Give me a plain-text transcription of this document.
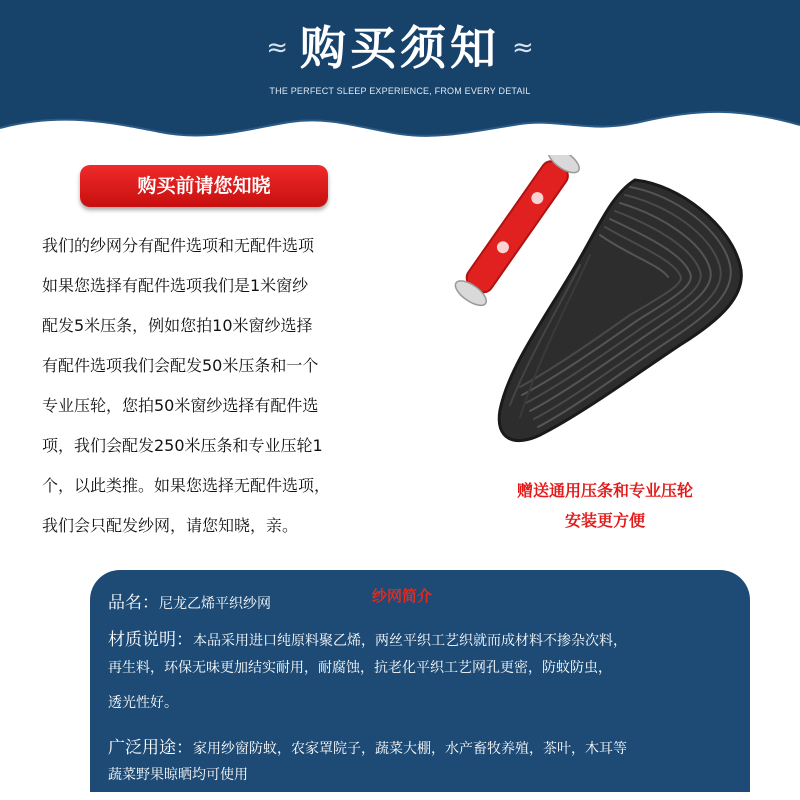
≈ 购买须知 ≈
THE PERFECT SLEEP EXPERIENCE, FROM EVERY DETAIL
购买前请您知晓

我们的纱网分有配件选项和无配件选项

如果您选择有配件选项我们是1米窗纱

配发5米压条，例如您拍10米窗纱选择

有配件选项我们会配发50米压条和一个

专业压轮，您拍50米窗纱选择有配件选

项，我们会配发250米压条和专业压轮1

个，以此类推。如果您选择无配件选项，

我们会只配发纱网，请您知晓，亲。

赠送通用压条和专业压轮
安装更方便
纱网简介
品名：尼龙乙烯平织纱网
材质说明：本品采用进口纯原料聚乙烯，两丝平织工艺织就而成材料不掺杂次料，
再生料，环保无味更加结实耐用，耐腐蚀，抗老化平织工艺网孔更密，防蚊防虫，
透光性好。
广泛用途：家用纱窗防蚊，农家罩院子，蔬菜大棚，水产畜牧养殖，茶叶，木耳等
蔬菜野果晾晒均可使用
